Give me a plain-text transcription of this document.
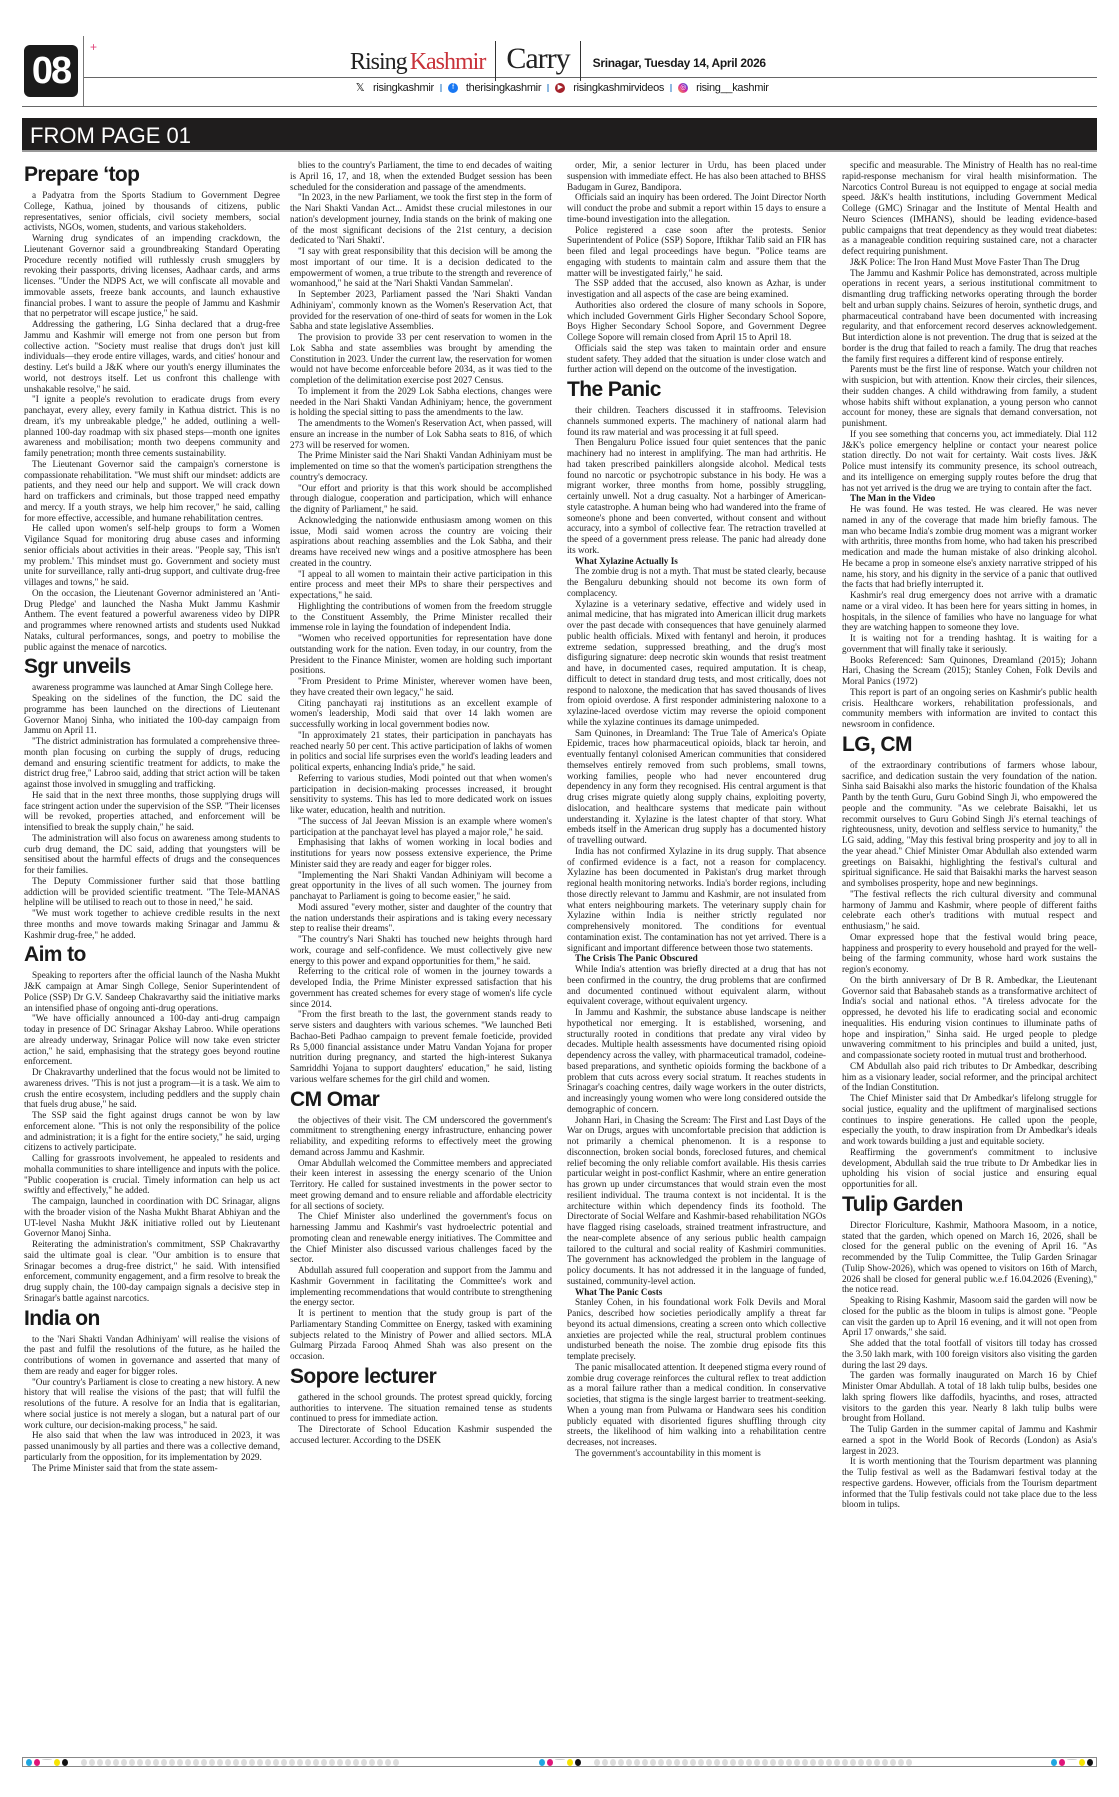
08
+
Rising Kashmir Carry Srinagar, Tuesday 14, April 2026
𝕏 risingkashmir	f	therisingkashmir	▶ risingkashmirvideos ◎ rising__kashmir
FROM PAGE 01
Prepare ‘top

a Padyatra from the Sports Stadium to Government Degree College, Kathua, joined by thousands of citizens, public representatives, senior officials, civil society members, social activists, NGOs, women, students, and various stakeholders.

Warning drug syndicates of an impending crackdown, the Lieutenant Governor said a groundbreaking Standard Operating Procedure recently notified will ruthlessly crush smugglers by revoking their passports, driving licenses, Aadhaar cards, and arms licenses. "Under the NDPS Act, we will confiscate all movable and immovable assets, freeze bank accounts, and launch exhaustive financial probes. I want to assure the people of Jammu and Kashmir that no perpetrator will escape justice," he said.

Addressing the gathering, LG Sinha declared that a drug-free Jammu and Kashmir will emerge not from one person but from collective action. "Society must realise that drugs don't just kill individuals—they erode entire villages, wards, and cities' honour and destiny. Let's build a J&K where our youth's energy illuminates the world, not destroys itself. Let us confront this challenge with unshakable resolve," he said.

"I ignite a people's revolution to eradicate drugs from every panchayat, every alley, every family in Kathua district. This is no dream, it's my unbreakable pledge," he added, outlining a well-planned 100-day roadmap with six phased steps—month one ignites awareness and mobilisation; month two deepens community and family penetration; month three cements sustainability.

The Lieutenant Governor said the campaign's cornerstone is compassionate rehabilitation. "We must shift our mindset: addicts are patients, and they need our help and support. We will crack down hard on traffickers and criminals, but those trapped need empathy and mercy. If a youth strays, we help him recover," he said, calling for more effective, accessible, and humane rehabilitation centres.

He called upon women's self-help groups to form a Women Vigilance Squad for monitoring drug abuse cases and informing senior officials about activities in their areas. "People say, 'This isn't my problem.' This mindset must go. Government and society must unite for surveillance, rally anti-drug support, and cultivate drug-free villages and towns," he said.

On the occasion, the Lieutenant Governor administered an 'Anti-Drug Pledge' and launched the Nasha Mukt Jammu Kashmir Anthem. The event featured a powerful awareness video by DIPR and programmes where renowned artists and students used Nukkad Nataks, cultural performances, songs, and poetry to mobilise the public against the menace of narcotics.

Sgr unveils

awareness programme was launched at Amar Singh College here.

Speaking on the sidelines of the function, the DC said the programme has been launched on the directions of Lieutenant Governor Manoj Sinha, who initiated the 100-day campaign from Jammu on April 11.

"The district administration has formulated a comprehensive three-month plan focusing on curbing the supply of drugs, reducing demand and ensuring scientific treatment for addicts, to make the district drug free," Labroo said, adding that strict action will be taken against those involved in smuggling and trafficking.

He said that in the next three months, those supplying drugs will face stringent action under the supervision of the SSP. "Their licenses will be revoked, properties attached, and enforcement will be intensified to break the supply chain," he said.

The administration will also focus on awareness among students to curb drug demand, the DC said, adding that youngsters will be sensitised about the harmful effects of drugs and the consequences for their families.

The Deputy Commissioner further said that those battling addiction will be provided scientific treatment. "The Tele-MANAS helpline will be utilised to reach out to those in need," he said.

"We must work together to achieve credible results in the next three months and move towards making Srinagar and Jammu & Kashmir drug-free," he added.

Aim to

Speaking to reporters after the official launch of the Nasha Mukht J&K campaign at Amar Singh College, Senior Superintendent of Police (SSP) Dr G.V. Sandeep Chakravarthy said the initiative marks an intensified phase of ongoing anti-drug operations.

"We have officially announced a 100-day anti-drug campaign today in presence of DC Srinagar Akshay Labroo. While operations are already underway, Srinagar Police will now take even stricter action," he said, emphasising that the strategy goes beyond routine enforcement.

Dr Chakravarthy underlined that the focus would not be limited to awareness drives. "This is not just a program—it is a task. We aim to crush the entire ecosystem, including peddlers and the supply chain that fuels drug abuse," he said.

The SSP said the fight against drugs cannot be won by law enforcement alone. "This is not only the responsibility of the police and administration; it is a fight for the entire society," he said, urging citizens to actively participate.

Calling for grassroots involvement, he appealed to residents and mohalla communities to share intelligence and inputs with the police. "Public cooperation is crucial. Timely information can help us act swiftly and effectively," he added.

The campaign, launched in coordination with DC Srinagar, aligns with the broader vision of the Nasha Mukht Bharat Abhiyan and the UT-level Nasha Mukht J&K initiative rolled out by Lieutenant Governor Manoj Sinha.

Reiterating the administration's commitment, SSP Chakravarthy said the ultimate goal is clear. "Our ambition is to ensure that Srinagar becomes a drug-free district," he said. With intensified enforcement, community engagement, and a firm resolve to break the drug supply chain, the 100-day campaign signals a decisive step in Srinagar's battle against narcotics.

India on

to the 'Nari Shakti Vandan Adhiniyam' will realise the visions of the past and fulfil the resolutions of the future, as he hailed the contributions of women in governance and asserted that many of them are ready and eager for bigger roles.

"Our country's Parliament is close to creating a new history. A new history that will realise the visions of the past; that will fulfil the resolutions of the future. A resolve for an India that is egalitarian, where social justice is not merely a slogan, but a natural part of our work culture, our decision-making process," he said.

He also said that when the law was introduced in 2023, it was passed unanimously by all parties and there was a collective demand, particularly from the opposition, for its implementation by 2029.

The Prime Minister said that from the state assem-

blies to the country's Parliament, the time to end decades of waiting is April 16, 17, and 18, when the extended Budget session has been scheduled for the consideration and passage of the amendments.

"In 2023, in the new Parliament, we took the first step in the form of the Nari Shakti Vandan Act... Amidst these crucial milestones in our nation's development journey, India stands on the brink of making one of the most significant decisions of the 21st century, a decision dedicated to 'Nari Shakti'.

"I say with great responsibility that this decision will be among the most important of our time. It is a decision dedicated to the empowerment of women, a true tribute to the strength and reverence of womanhood," he said at the 'Nari Shakti Vandan Sammelan'.

In September 2023, Parliament passed the 'Nari Shakti Vandan Adhiniyam', commonly known as the Women's Reservation Act, that provided for the reservation of one-third of seats for women in the Lok Sabha and state legislative Assemblies.

The provision to provide 33 per cent reservation to women in the Lok Sabha and state assemblies was brought by amending the Constitution in 2023. Under the current law, the reservation for women would not have become enforceable before 2034, as it was tied to the completion of the delimitation exercise post 2027 Census.

To implement it from the 2029 Lok Sabha elections, changes were needed in the Nari Shakti Vandan Adhiniyam; hence, the government is holding the special sitting to pass the amendments to the law.

The amendments to the Women's Reservation Act, when passed, will ensure an increase in the number of Lok Sabha seats to 816, of which 273 will be reserved for women.

The Prime Minister said the Nari Shakti Vandan Adhiniyam must be implemented on time so that the women's participation strengthens the country's democracy.

"Our effort and priority is that this work should be accomplished through dialogue, cooperation and participation, which will enhance the dignity of Parliament," he said.

Acknowledging the nationwide enthusiasm among women on this issue, Modi said women across the country are voicing their aspirations about reaching assemblies and the Lok Sabha, and their dreams have received new wings and a positive atmosphere has been created in the country.

"I appeal to all women to maintain their active participation in this entire process and meet their MPs to share their perspectives and expectations," he said.

Highlighting the contributions of women from the freedom struggle to the Constituent Assembly, the Prime Minister recalled their immense role in laying the foundation of independent India.

"Women who received opportunities for representation have done outstanding work for the nation. Even today, in our country, from the President to the Finance Minister, women are holding such important positions.

"From President to Prime Minister, wherever women have been, they have created their own legacy," he said.

Citing panchayati raj institutions as an excellent example of women's leadership, Modi said that over 14 lakh women are successfully working in local government bodies now.

"In approximately 21 states, their participation in panchayats has reached nearly 50 per cent. This active participation of lakhs of women in politics and social life surprises even the world's leading leaders and political experts, enhancing India's pride," he said.

Referring to various studies, Modi pointed out that when women's participation in decision-making processes increased, it brought sensitivity to systems. This has led to more dedicated work on issues like water, education, health and nutrition.

"The success of Jal Jeevan Mission is an example where women's participation at the panchayat level has played a major role," he said.

Emphasising that lakhs of women working in local bodies and institutions for years now possess extensive experience, the Prime Minister said they are ready and eager for bigger roles.

"Implementing the Nari Shakti Vandan Adhiniyam will become a great opportunity in the lives of all such women. The journey from panchayat to Parliament is going to become easier," he said.

Modi assured "every mother, sister and daughter of the country that the nation understands their aspirations and is taking every necessary step to realise their dreams".

"The country's Nari Shakti has touched new heights through hard work, courage and self-confidence. We must collectively give new energy to this power and expand opportunities for them," he said.

Referring to the critical role of women in the journey towards a developed India, the Prime Minister expressed satisfaction that his government has created schemes for every stage of women's life cycle since 2014.

"From the first breath to the last, the government stands ready to serve sisters and daughters with various schemes. "We launched Beti Bachao-Beti Padhao campaign to prevent female foeticide, provided Rs 5,000 financial assistance under Matru Vandan Yojana for proper nutrition during pregnancy, and started the high-interest Sukanya Samriddhi Yojana to support daughters' education," he said, listing various welfare schemes for the girl child and women.

CM Omar

the objectives of their visit. The CM underscored the government's commitment to strengthening energy infrastructure, enhancing power reliability, and expediting reforms to effectively meet the growing demand across Jammu and Kashmir.

Omar Abdullah welcomed the Committee members and appreciated their keen interest in assessing the energy scenario of the Union Territory. He called for sustained investments in the power sector to meet growing demand and to ensure reliable and affordable electricity for all sections of society.

The Chief Minister also underlined the government's focus on harnessing Jammu and Kashmir's vast hydroelectric potential and promoting clean and renewable energy initiatives. The Committee and the Chief Minister also discussed various challenges faced by the sector.

Abdullah assured full cooperation and support from the Jammu and Kashmir Government in facilitating the Committee's work and implementing recommendations that would contribute to strengthening the energy sector.

It is pertinent to mention that the study group is part of the Parliamentary Standing Committee on Energy, tasked with examining subjects related to the Ministry of Power and allied sectors. MLA Gulmarg Pirzada Farooq Ahmed Shah was also present on the occasion.

Sopore lecturer

gathered in the school grounds. The protest spread quickly, forcing authorities to intervene. The situation remained tense as students continued to press for immediate action.

The Directorate of School Education Kashmir suspended the accused lecturer. According to the DSEK

order, Mir, a senior lecturer in Urdu, has been placed under suspension with immediate effect. He has also been attached to BHSS Badugam in Gurez, Bandipora.

Officials said an inquiry has been ordered. The Joint Director North will conduct the probe and submit a report within 15 days to ensure a time-bound investigation into the allegation.

Police registered a case soon after the protests. Senior Superintendent of Police (SSP) Sopore, Iftikhar Talib said an FIR has been filed and legal proceedings have begun. "Police teams are engaging with students to maintain calm and assure them that the matter will be investigated fairly," he said.

The SSP added that the accused, also known as Azhar, is under investigation and all aspects of the case are being examined.

Authorities also ordered the closure of many schools in Sopore, which included Government Girls Higher Secondary School Sopore, Boys Higher Secondary School Sopore, and Government Degree College Sopore will remain closed from April 15 to April 18.

Officials said the step was taken to maintain order and ensure student safety. They added that the situation is under close watch and further action will depend on the outcome of the investigation.

The Panic

their children. Teachers discussed it in staffrooms. Television channels summoned experts. The machinery of national alarm had found its raw material and was processing it at full speed.

Then Bengaluru Police issued four quiet sentences that the panic machinery had no interest in amplifying. The man had arthritis. He had taken prescribed painkillers alongside alcohol. Medical tests found no narcotic or psychotropic substance in his body. He was a migrant worker, three months from home, possibly struggling, certainly unwell. Not a drug casualty. Not a harbinger of American-style catastrophe. A human being who had wandered into the frame of someone's phone and been converted, without consent and without accuracy, into a symbol of collective fear. The retraction travelled at the speed of a government press release. The panic had already done its work.

What Xylazine Actually Is

The zombie drug is not a myth. That must be stated clearly, because the Bengaluru debunking should not become its own form of complacency.

Xylazine is a veterinary sedative, effective and widely used in animal medicine, that has migrated into American illicit drug markets over the past decade with consequences that have genuinely alarmed public health officials. Mixed with fentanyl and heroin, it produces extreme sedation, suppressed breathing, and the drug's most disfiguring signature: deep necrotic skin wounds that resist treatment and have, in documented cases, required amputation. It is cheap, difficult to detect in standard drug tests, and most critically, does not respond to naloxone, the medication that has saved thousands of lives from opioid overdose. A first responder administering naloxone to a xylazine-laced overdose victim may reverse the opioid component while the xylazine continues its damage unimpeded.

Sam Quinones, in Dreamland: The True Tale of America's Opiate Epidemic, traces how pharmaceutical opioids, black tar heroin, and eventually fentanyl colonised American communities that considered themselves entirely removed from such problems, small towns, working families, people who had never encountered drug dependency in any form they recognised. His central argument is that drug crises migrate quietly along supply chains, exploiting poverty, dislocation, and healthcare systems that medicate pain without understanding it. Xylazine is the latest chapter of that story. What embeds itself in the American drug supply has a documented history of travelling outward.

India has not confirmed Xylazine in its drug supply. That absence of confirmed evidence is a fact, not a reason for complacency. Xylazine has been documented in Pakistan's drug market through regional health monitoring networks. India's border regions, including those directly relevant to Jammu and Kashmir, are not insulated from what enters neighbouring markets. The veterinary supply chain for Xylazine within India is neither strictly regulated nor comprehensively monitored. The conditions for eventual contamination exist. The contamination has not yet arrived. There is a significant and important difference between those two statements.

The Crisis The Panic Obscured

While India's attention was briefly directed at a drug that has not been confirmed in the country, the drug problems that are confirmed and documented continued without equivalent alarm, without equivalent coverage, without equivalent urgency.

In Jammu and Kashmir, the substance abuse landscape is neither hypothetical nor emerging. It is established, worsening, and structurally rooted in conditions that predate any viral video by decades. Multiple health assessments have documented rising opioid dependency across the valley, with pharmaceutical tramadol, codeine-based preparations, and synthetic opioids forming the backbone of a problem that cuts across every social stratum. It reaches students in Srinagar's coaching centres, daily wage workers in the outer districts, and increasingly young women who were long considered outside the demographic of concern.

Johann Hari, in Chasing the Scream: The First and Last Days of the War on Drugs, argues with uncomfortable precision that addiction is not primarily a chemical phenomenon. It is a response to disconnection, broken social bonds, foreclosed futures, and chemical relief becoming the only reliable comfort available. His thesis carries particular weight in post-conflict Kashmir, where an entire generation has grown up under circumstances that would strain even the most resilient individual. The trauma context is not incidental. It is the architecture within which dependency finds its foothold. The Directorate of Social Welfare and Kashmir-based rehabilitation NGOs have flagged rising caseloads, strained treatment infrastructure, and the near-complete absence of any serious public health campaign tailored to the cultural and social reality of Kashmiri communities. The government has acknowledged the problem in the language of policy documents. It has not addressed it in the language of funded, sustained, community-level action.

What The Panic Costs

Stanley Cohen, in his foundational work Folk Devils and Moral Panics, described how societies periodically amplify a threat far beyond its actual dimensions, creating a screen onto which collective anxieties are projected while the real, structural problem continues undisturbed beneath the noise. The zombie drug episode fits this template precisely.

The panic misallocated attention. It deepened stigma every round of zombie drug coverage reinforces the cultural reflex to treat addiction as a moral failure rather than a medical condition. In conservative societies, that stigma is the single largest barrier to treatment-seeking. When a young man from Pulwama or Handwara sees his condition publicly equated with disoriented figures shuffling through city streets, the likelihood of him walking into a rehabilitation centre decreases, not increases.

The government's accountability in this moment is

specific and measurable. The Ministry of Health has no real-time rapid-response mechanism for viral health misinformation. The Narcotics Control Bureau is not equipped to engage at social media speed. J&K's health institutions, including Government Medical College (GMC) Srinagar and the Institute of Mental Health and Neuro Sciences (IMHANS), should be leading evidence-based public campaigns that treat dependency as they would treat diabetes: as a manageable condition requiring sustained care, not a character defect requiring punishment.

J&K Police: The Iron Hand Must Move Faster Than The Drug

The Jammu and Kashmir Police has demonstrated, across multiple operations in recent years, a serious institutional commitment to dismantling drug trafficking networks operating through the border belt and urban supply chains. Seizures of heroin, synthetic drugs, and pharmaceutical contraband have been documented with increasing regularity, and that enforcement record deserves acknowledgement. But interdiction alone is not prevention. The drug that is seized at the border is the drug that failed to reach a family. The drug that reaches the family first requires a different kind of response entirely.

Parents must be the first line of response. Watch your children not with suspicion, but with attention. Know their circles, their silences, their sudden changes. A child withdrawing from family, a student whose habits shift without explanation, a young person who cannot account for money, these are signals that demand conversation, not punishment.

If you see something that concerns you, act immediately. Dial 112 J&K's police emergency helpline or contact your nearest police station directly. Do not wait for certainty. Wait costs lives. J&K Police must intensify its community presence, its school outreach, and its intelligence on emerging supply routes before the drug that has not yet arrived is the drug we are trying to contain after the fact.

The Man in the Video

He was found. He was tested. He was cleared. He was never named in any of the coverage that made him briefly famous. The man who became India's zombie drug moment was a migrant worker with arthritis, three months from home, who had taken his prescribed medication and made the human mistake of also drinking alcohol. He became a prop in someone else's anxiety narrative stripped of his name, his story, and his dignity in the service of a panic that outlived the facts that had briefly interrupted it.

Kashmir's real drug emergency does not arrive with a dramatic name or a viral video. It has been here for years sitting in homes, in hospitals, in the silence of families who have no language for what they are watching happen to someone they love.

It is waiting not for a trending hashtag. It is waiting for a government that will finally take it seriously.

Books Referenced: Sam Quinones, Dreamland (2015); Johann Hari, Chasing the Scream (2015); Stanley Cohen, Folk Devils and Moral Panics (1972)

This report is part of an ongoing series on Kashmir's public health crisis. Healthcare workers, rehabilitation professionals, and community members with information are invited to contact this newsroom in confidence.

LG, CM

of the extraordinary contributions of farmers whose labour, sacrifice, and dedication sustain the very foundation of the nation. Sinha said Baisakhi also marks the historic foundation of the Khalsa Panth by the tenth Guru, Guru Gobind Singh Ji, who empowered the people and the community. "As we celebrate Baisakhi, let us recommit ourselves to Guru Gobind Singh Ji's eternal teachings of righteousness, unity, devotion and selfless service to humanity," the LG said, adding, "May this festival bring prosperity and joy to all in the year ahead." Chief Minister Omar Abdullah also extended warm greetings on Baisakhi, highlighting the festival's cultural and spiritual significance. He said that Baisakhi marks the harvest season and symbolises prosperity, hope and new beginnings.

"The festival reflects the rich cultural diversity and communal harmony of Jammu and Kashmir, where people of different faiths celebrate each other's traditions with mutual respect and enthusiasm," he said.

Omar expressed hope that the festival would bring peace, happiness and prosperity to every household and prayed for the well-being of the farming community, whose hard work sustains the region's economy.

On the birth anniversary of Dr B R. Ambedkar, the Lieutenant Governor said that Babasaheb stands as a transformative architect of India's social and national ethos. "A tireless advocate for the oppressed, he devoted his life to eradicating social and economic inequalities. His enduring vision continues to illuminate paths of hope and inspiration," Sinha said. He urged people to pledge unwavering commitment to his principles and build a united, just, and compassionate society rooted in mutual trust and brotherhood.

CM Abdullah also paid rich tributes to Dr Ambedkar, describing him as a visionary leader, social reformer, and the principal architect of the Indian Constitution.

The Chief Minister said that Dr Ambedkar's lifelong struggle for social justice, equality and the upliftment of marginalised sections continues to inspire generations. He called upon the people, especially the youth, to draw inspiration from Dr Ambedkar's ideals and work towards building a just and equitable society.

Reaffirming the government's commitment to inclusive development, Abdullah said the true tribute to Dr Ambedkar lies in upholding his vision of social justice and ensuring equal opportunities for all.

Tulip Garden

Director Floriculture, Kashmir, Mathoora Masoom, in a notice, stated that the garden, which opened on March 16, 2026, shall be closed for the general public on the evening of April 16. "As recommended by the Tulip Committee, the Tulip Garden Srinagar (Tulip Show-2026), which was opened to visitors on 16th of March, 2026 shall be closed for general public w.e.f 16.04.2026 (Evening)," the notice read.

Speaking to Rising Kashmir, Masoom said the garden will now be closed for the public as the bloom in tulips is almost gone. "People can visit the garden up to April 16 evening, and it will not open from April 17 onwards," she said.

She added that the total footfall of visitors till today has crossed the 3.50 lakh mark, with 100 foreign visitors also visiting the garden during the last 29 days.

The garden was formally inaugurated on March 16 by Chief Minister Omar Abdullah. A total of 18 lakh tulip bulbs, besides one lakh spring flowers like daffodils, hyacinths, and roses, attracted visitors to the garden this year. Nearly 8 lakh tulip bulbs were brought from Holland.

The Tulip Garden in the summer capital of Jammu and Kashmir earned a spot in the World Book of Records (London) as Asia's largest in 2023.

It is worth mentioning that the Tourism department was planning the Tulip festival as well as the Badamwari festival today at the respective gardens. However, officials from the Tourism department informed that the Tulip festivals could not take place due to the less bloom in tulips.
